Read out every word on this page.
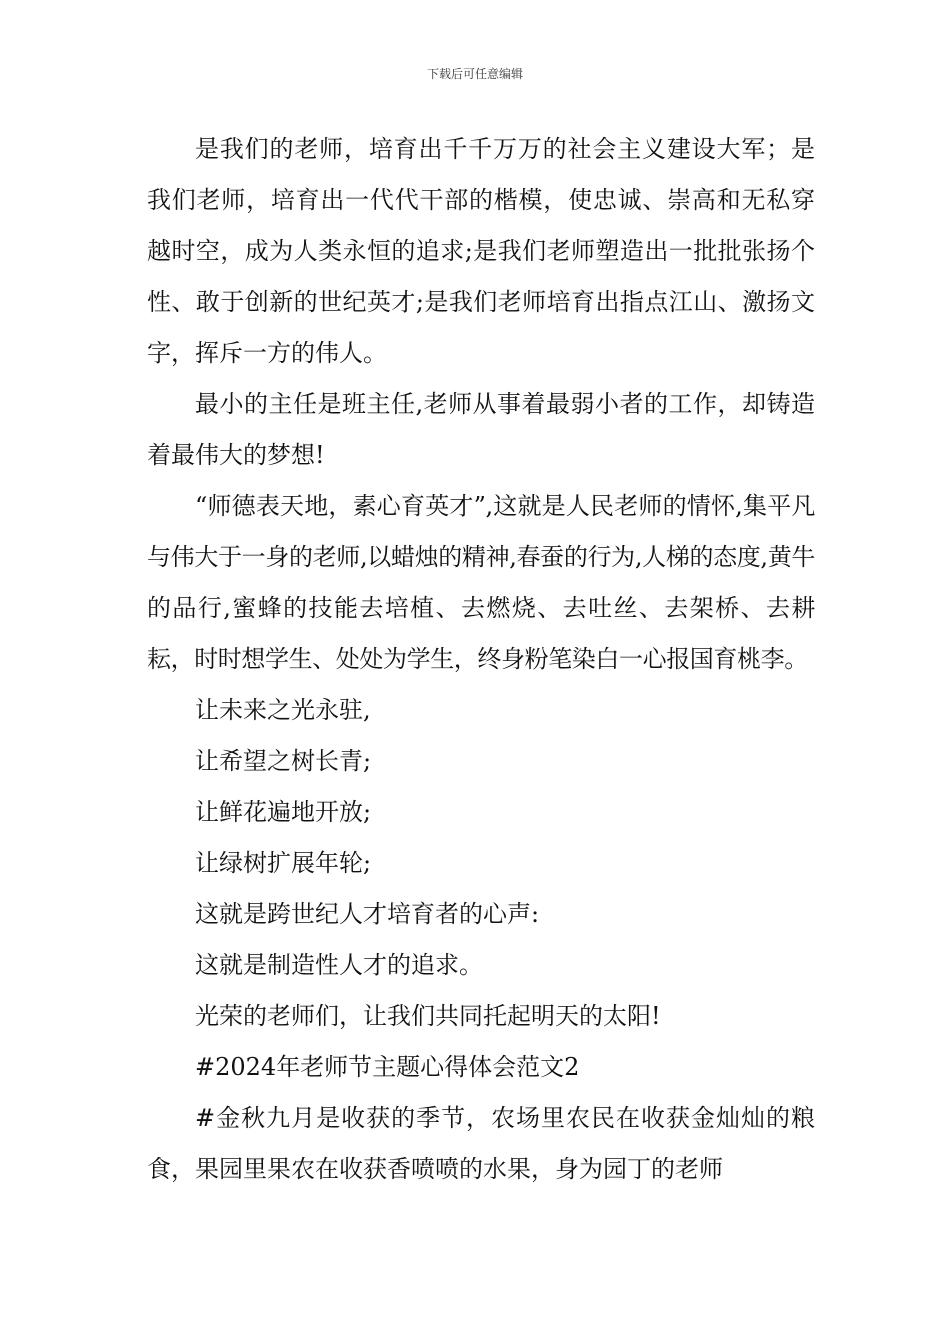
下载后可任意编辑

是我们的老师，培育出千千万万的社会主义建设大军；是我们老师，培育出一代代干部的楷模，使忠诚、崇高和无私穿越时空，成为人类永恒的追求;是我们老师塑造出一批批张扬个性、敢于创新的世纪英才;是我们老师培育出指点江山、激扬文字，挥斥一方的伟人。

最小的主任是班主任,老师从事着最弱小者的工作，却铸造着最伟大的梦想!

“师德表天地，素心育英才”,这就是人民老师的情怀,集平凡与伟大于一身的老师,以蜡烛的精神,春蚕的行为,人梯的态度,黄牛的品行,蜜蜂的技能去培植、去燃烧、去吐丝、去架桥、去耕耘，时时想学生、处处为学生，终身粉笔染白一心报国育桃李。

让未来之光永驻,

让希望之树长青;

让鲜花遍地开放;

让绿树扩展年轮;

这就是跨世纪人才培育者的心声:

这就是制造性人才的追求。

光荣的老师们，让我们共同托起明天的太阳!

#2024年老师节主题心得体会范文2

#金秋九月是收获的季节，农场里农民在收获金灿灿的粮食，果园里果农在收获香喷喷的水果，身为园丁的老师
